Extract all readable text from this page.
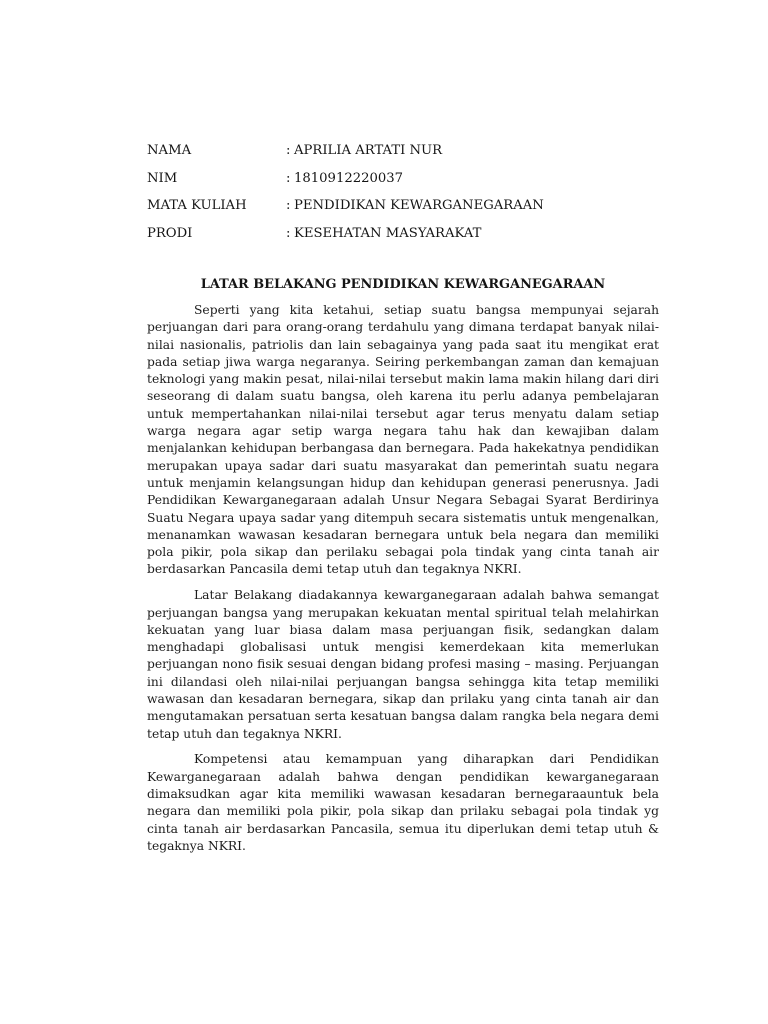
NAMA	: APRILIA ARTATI NUR
NIM	: 1810912220037
MATA KULIAH	: PENDIDIKAN KEWARGANEGARAAN
PRODI	: KESEHATAN MASYARAKAT
LATAR BELAKANG PENDIDIKAN KEWARGANEGARAAN

Seperti yang kita ketahui, setiap suatu bangsa mempunyai sejarah perjuangan dari para orang-orang terdahulu yang dimana terdapat banyak nilai-nilai nasionalis, patriolis dan lain sebagainya yang pada saat itu mengikat erat pada setiap jiwa warga negaranya. Seiring perkembangan zaman dan kemajuan teknologi yang makin pesat, nilai-nilai tersebut makin lama makin hilang dari diri seseorang di dalam suatu bangsa, oleh karena itu perlu adanya pembelajaran untuk mempertahankan nilai-nilai tersebut agar terus menyatu dalam setiap warga negara agar setip warga negara tahu hak dan kewajiban dalam menjalankan kehidupan berbangasa dan bernegara. Pada hakekatnya pendidikan merupakan upaya sadar dari suatu masyarakat dan pemerintah suatu negara untuk menjamin kelangsungan hidup dan kehidupan generasi penerusnya. Jadi Pendidikan Kewarganegaraan adalah Unsur Negara Sebagai Syarat Berdirinya Suatu Negara upaya sadar yang ditempuh secara sistematis untuk mengenalkan, menanamkan wawasan kesadaran bernegara untuk bela negara dan memiliki pola pikir, pola sikap dan perilaku sebagai pola tindak yang cinta tanah air berdasarkan Pancasila demi tetap utuh dan tegaknya NKRI.

Latar Belakang diadakannya kewarganegaraan adalah bahwa semangat perjuangan bangsa yang merupakan kekuatan mental spiritual telah melahirkan kekuatan yang luar biasa dalam masa perjuangan fisik, sedangkan dalam menghadapi globalisasi untuk mengisi kemerdekaan kita memerlukan perjuangan nono fisik sesuai dengan bidang profesi masing – masing. Perjuangan ini dilandasi oleh nilai-nilai perjuangan bangsa sehingga kita tetap memiliki wawasan dan kesadaran bernegara, sikap dan prilaku yang cinta tanah air dan mengutamakan persatuan serta kesatuan bangsa dalam rangka bela negara demi tetap utuh dan tegaknya NKRI.

Kompetensi atau kemampuan yang diharapkan dari Pendidikan Kewarganegaraan adalah bahwa dengan pendidikan kewarganegaraan dimaksudkan agar kita memiliki wawasan kesadaran bernegaraauntuk bela negara dan memiliki pola pikir, pola sikap dan prilaku sebagai pola tindak yg cinta tanah air berdasarkan Pancasila, semua itu diperlukan demi tetap utuh & tegaknya NKRI.
